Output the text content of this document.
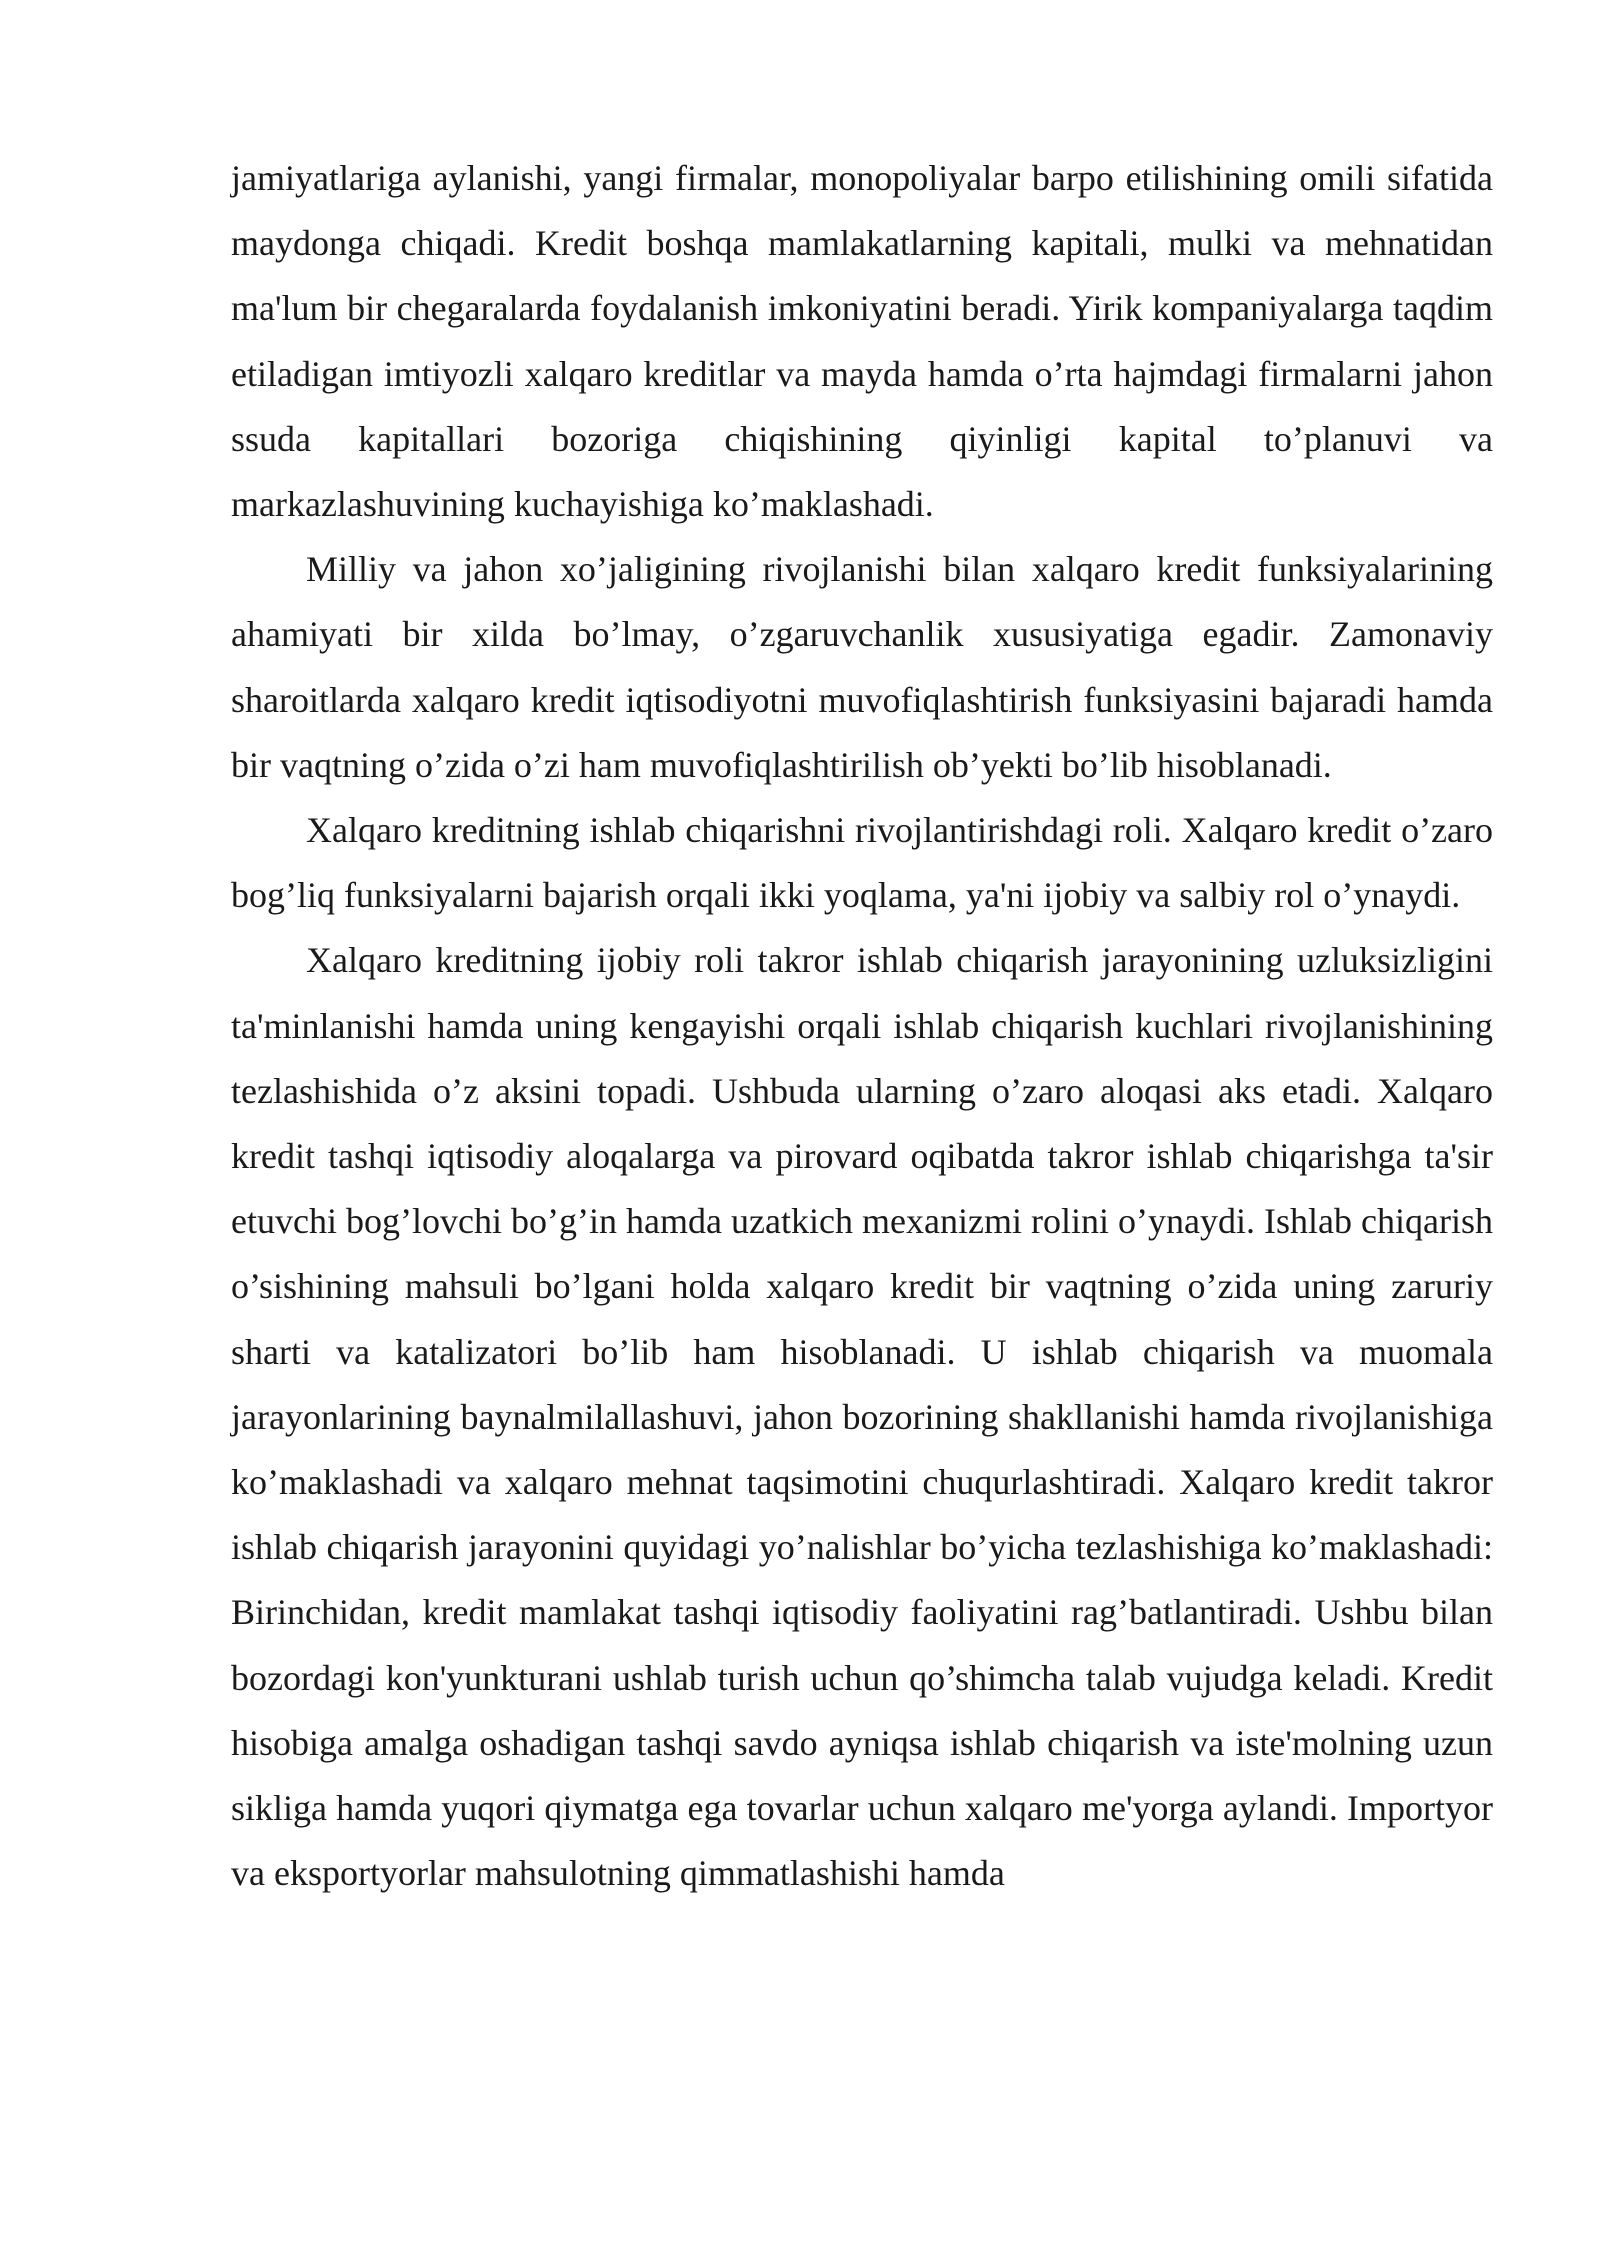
jamiyatlariga aylanishi, yangi firmalar, monopoliyalar barpo etilishining omili sifatida maydonga chiqadi. Kredit boshqa mamlakatlarning kapitali, mulki va mehnatidan ma'lum bir chegaralarda foydalanish imkoniyatini beradi. Yirik kompaniyalarga taqdim etiladigan imtiyozli xalqaro kreditlar va mayda hamda o’rta hajmdagi firmalarni jahon ssuda kapitallari bozoriga chiqishining qiyinligi kapital to’planuvi va markazlashuvining kuchayishiga ko’maklashadi.

Milliy va jahon xo’jaligining rivojlanishi bilan xalqaro kredit funksiyalarining ahamiyati bir xilda bo’lmay, o’zgaruvchanlik xususiyatiga egadir. Zamonaviy sharoitlarda xalqaro kredit iqtisodiyotni muvofiqlashtirish funksiyasini bajaradi hamda bir vaqtning o’zida o’zi ham muvofiqlashtirilish ob’yekti bo’lib hisoblanadi.

Xalqaro kreditning ishlab chiqarishni rivojlantirishdagi roli. Xalqaro kredit o’zaro bog’liq funksiyalarni bajarish orqali ikki yoqlama, ya'ni ijobiy va salbiy rol o’ynaydi.

Xalqaro kreditning ijobiy roli takror ishlab chiqarish jarayonining uzluksizligini ta'minlanishi hamda uning kengayishi orqali ishlab chiqarish kuchlari rivojlanishining tezlashishida o’z aksini topadi. Ushbuda ularning o’zaro aloqasi aks etadi. Xalqaro kredit tashqi iqtisodiy aloqalarga va pirovard oqibatda takror ishlab chiqarishga ta'sir etuvchi bog’lovchi bo’g’in hamda uzatkich mexanizmi rolini o’ynaydi. Ishlab chiqarish o’sishining mahsuli bo’lgani holda xalqaro kredit bir vaqtning o’zida uning zaruriy sharti va katalizatori bo’lib ham hisoblanadi. U ishlab chiqarish va muomala jarayonlarining baynalmilallashuvi, jahon bozorining shakllanishi hamda rivojlanishiga ko’maklashadi va xalqaro mehnat taqsimotini chuqurlashtiradi. Xalqaro kredit takror ishlab chiqarish jarayonini quyidagi yo’nalishlar bo’yicha tezlashishiga ko’maklashadi: Birinchidan, kredit mamlakat tashqi iqtisodiy faoliyatini rag’batlantiradi. Ushbu bilan bozordagi kon'yunkturani ushlab turish uchun qo’shimcha talab vujudga keladi. Kredit hisobiga amalga oshadigan tashqi savdo ayniqsa ishlab chiqarish va iste'molning uzun sikliga hamda yuqori qiymatga ega tovarlar uchun xalqaro me'yorga aylandi. Importyor va eksportyorlar mahsulotning qimmatlashishi hamda
